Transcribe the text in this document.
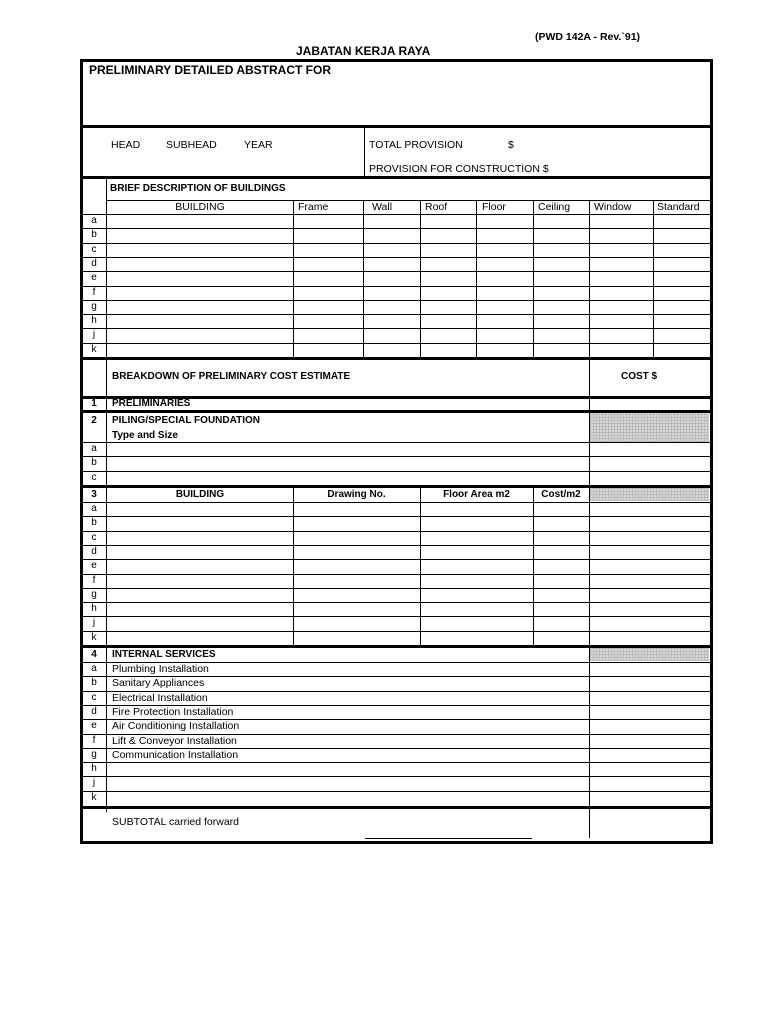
(PWD 142A - Rev.`91)
JABATAN KERJA RAYA
PRELIMINARY DETAILED ABSTRACT FOR
HEAD SUBHEAD	YEAR	TOTAL PROVISION	$
PROVISION FOR CONSTRUCTION $
BRIEF DESCRIPTION OF BUILDINGS
BUILDING	Frame	Wall	Roof	Floor	Ceiling Window Standard
a
b
c
d
e
f
g
h
j
k
BREAKDOWN OF PRELIMINARY COST ESTIMATE	COST $
1	PRELIMINARIES
2	PILING/SPECIAL FOUNDATION
Type and Size
a
b
c
3	BUILDING	Drawing No.	Floor Area m2	Cost/m2
a
b
c
d
e
f
g
h
j
k
4	INTERNAL SERVICES
a	Plumbing Installation
b	Sanitary Appliances
c	Electrical Installation
d	Fire Protection Installation
e	Air Conditioning Installation
f	Lift & Conveyor Installation
g	Communication Installation
h
j
k
SUBTOTAL carried forward
